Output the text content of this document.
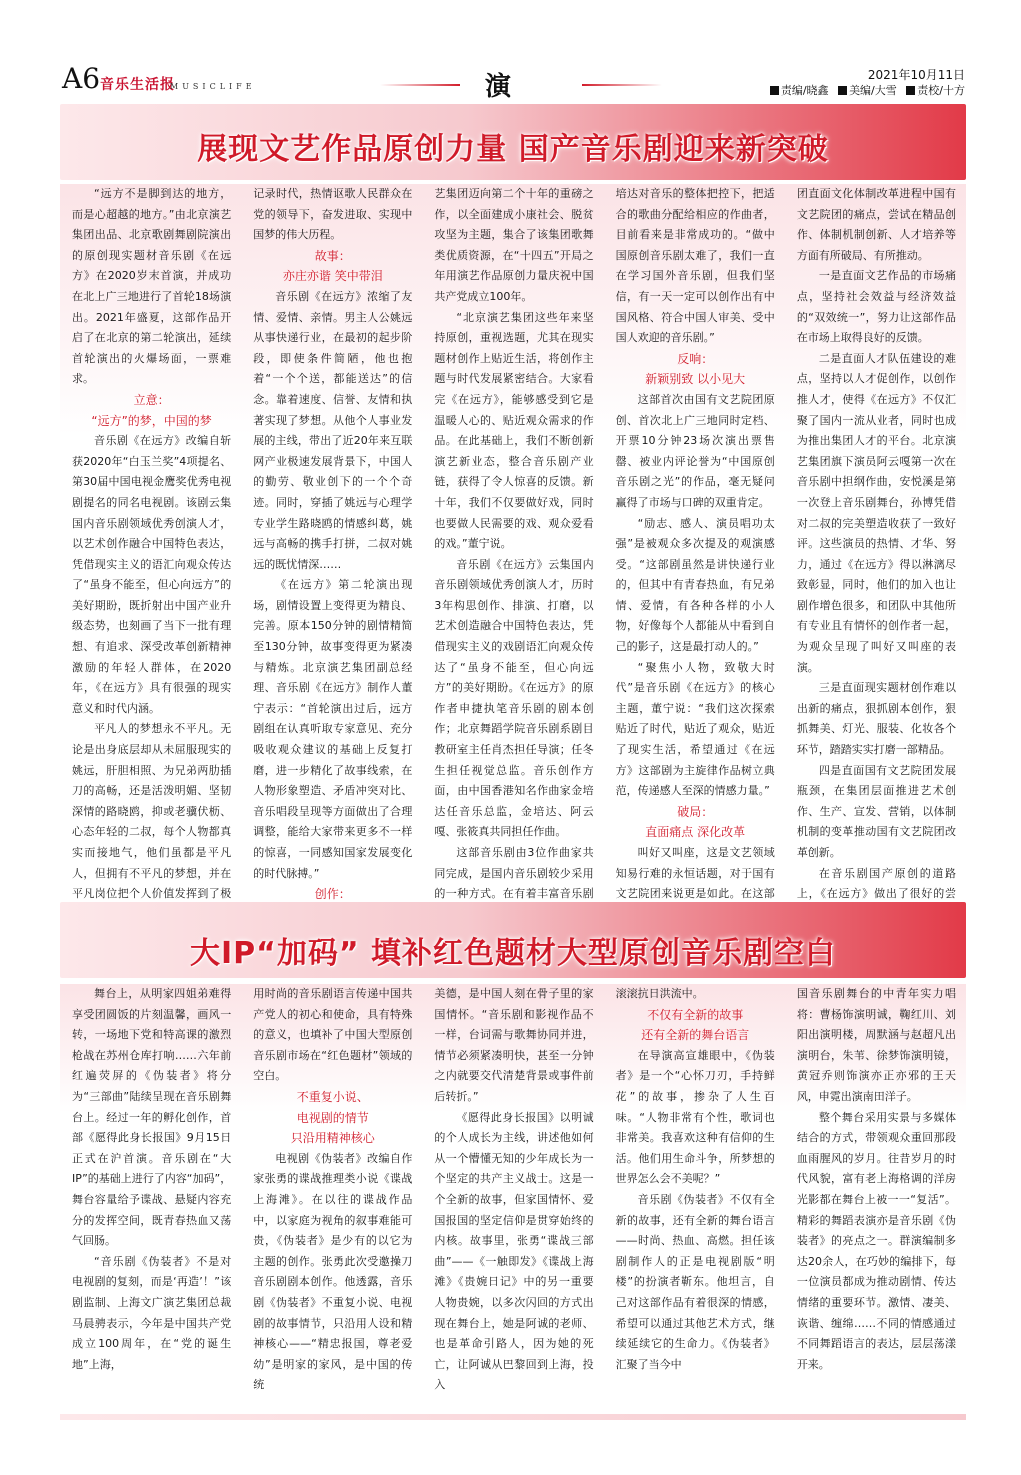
A6 音乐生活报
MUSICLIFE	演	2021年10月11日
责编/晓鑫 美编/大雪 责校/十方
展现文艺作品原创力量 国产音乐剧迎来新突破

“远方不是脚到达的地方，而是心超越的地方。”由北京演艺集团出品、北京歌剧舞剧院演出的原创现实题材音乐剧《在远方》在2020岁末首演，并成功在北上广三地进行了首轮18场演出。2021年盛夏，这部作品开启了在北京的第二轮演出，延续首轮演出的火爆场面，一票难求。

立意：
“远方”的梦，中国的梦

音乐剧《在远方》改编自斩获2020年“白玉兰奖”4项提名、第30届中国电视金鹰奖优秀电视剧提名的同名电视剧。该剧云集国内音乐剧领域优秀创演人才，以艺术创作融合中国特色表达，凭借现实主义的语汇向观众传达了“虽身不能至，但心向远方”的美好期盼，既折射出中国产业升级态势，也刻画了当下一批有理想、有追求、深受改革创新精神激励的年轻人群体，在2020年，《在远方》具有很强的现实意义和时代内涵。

平凡人的梦想永不平凡。无论是出身底层却从未屈服现实的姚远，肝胆相照、为兄弟两肋插刀的高畅，还是活泼明媚、坚韧深情的路晓鸥，抑或老骥伏枥、心态年轻的二叔，每个人物都真实而接地气，他们虽都是平凡人，但拥有不平凡的梦想，并在平凡岗位把个人价值发挥到了极

记录时代，热情讴歌人民群众在党的领导下，奋发进取、实现中国梦的伟大历程。

故事：
亦庄亦谐 笑中带泪

音乐剧《在远方》浓缩了友情、爱情、亲情。男主人公姚远从事快递行业，在最初的起步阶段，即使条件简陋，他也抱着“一个个送，都能送达”的信念。靠着速度、信誉、友情和执著实现了梦想。从他个人事业发展的主线，带出了近20年来互联网产业极速发展背景下，中国人的勤劳、敬业创下的一个个奇迹。同时，穿插了姚远与心理学专业学生路晓鸥的情感纠葛，姚远与高畅的携手打拼，二叔对姚远的既忧情深……

《在远方》第二轮演出现场，剧情设置上变得更为精良、完善。原本150分钟的剧情精简至130分钟，故事变得更为紧凑与精炼。北京演艺集团副总经理、音乐剧《在远方》制作人董宁表示：“首轮演出过后，远方剧组在认真听取专家意见、充分吸收观众建议的基础上反复打磨，进一步精化了故事线索，在人物形象塑造、矛盾冲突对比、音乐唱段呈现等方面做出了合理调整，能给大家带来更多不一样的惊喜，一同感知国家发展变化的时代脉搏。”

创作：

艺集团迈向第二个十年的重磅之作，以全面建成小康社会、脱贫攻坚为主题，集合了该集团歌舞类优质资源，在“十四五”开局之年用演艺作品原创力量庆祝中国共产党成立100年。

“北京演艺集团这些年来坚持原创，重视选题，尤其在现实题材创作上贴近生活，将创作主题与时代发展紧密结合。大家看完《在远方》，能够感受到它是温暖人心的、贴近观众需求的作品。在此基础上，我们不断创新演艺新业态，整合音乐剧产业链，获得了令人惊喜的反馈。新十年，我们不仅要做好戏，同时也要做人民需要的戏、观众爱看的戏。”董宁说。

音乐剧《在远方》云集国内音乐剧领域优秀创演人才，历时3年构思创作、排演、打磨，以艺术创造融合中国特色表达，凭借现实主义的戏剧语汇向观众传达了“虽身不能至，但心向远方”的美好期盼。《在远方》的原作者申捷执笔音乐剧的剧本创作；北京舞蹈学院音乐剧系剧目教研室主任肖杰担任导演；任冬生担任视觉总监。音乐创作方面，由中国香港知名作曲家金培达任音乐总监，金培达、阿云嘎、张筱真共同担任作曲。

这部音乐剧由3位作曲家共同完成，是国内音乐剧较少采用的一种方式。在有着丰富音乐剧

培达对音乐的整体把控下，把适合的歌曲分配给相应的作曲者，目前看来是非常成功的。“做中国原创音乐剧太难了，我们一直在学习国外音乐剧，但我们坚信，有一天一定可以创作出有中国风格、符合中国人审美、受中国人欢迎的音乐剧。”

反响：
新颖别致 以小见大

这部首次由国有文艺院团原创、首次北上广三地同时定档、开票10分钟23场次演出票售罄、被业内评论誉为“中国原创音乐剧之光”的作品，毫无疑问赢得了市场与口碑的双重肯定。

“励志、感人、演员唱功太强”是被观众多次提及的观演感受。“这部剧虽然是讲快递行业的，但其中有青春热血，有兄弟情、爱情，有各种各样的小人物，好像每个人都能从中看到自己的影子，这是最打动人的。”

“聚焦小人物，致敬大时代”是音乐剧《在远方》的核心主题，董宁说：“我们这次探索贴近了时代，贴近了观众，贴近了现实生活，希望通过《在远方》这部剧为主旋律作品树立典范，传递感人至深的情感力量。”

破局：
直面痛点 深化改革

叫好又叫座，这是文艺领域知易行难的永恒话题，对于国有文艺院团来说更是如此。在这部

团直面文化体制改革进程中国有文艺院团的痛点，尝试在精品创作、体制机制创新、人才培养等方面有所破局、有所推动。

一是直面文艺作品的市场痛点，坚持社会效益与经济效益的“双效统一”，努力让这部作品在市场上取得良好的反馈。

二是直面人才队伍建设的难点，坚持以人才促创作，以创作推人才，使得《在远方》不仅汇聚了国内一流从业者，同时也成为推出集团人才的平台。北京演艺集团旗下演员阿云嘎第一次在音乐剧中担纲作曲，安悦溪是第一次登上音乐剧舞台，孙博凭借对二叔的完美塑造收获了一致好评。这些演员的热情、才华、努力，通过《在远方》得以淋漓尽致彰显，同时，他们的加入也让剧作增色很多，和团队中其他所有专业且有情怀的创作者一起，为观众呈现了叫好又叫座的表演。

三是直面现实题材创作难以出新的痛点，狠抓剧本创作，狠抓舞美、灯光、服装、化妆各个环节，踏踏实实打磨一部精品。

四是直面国有文艺院团发展瓶颈，在集团层面推进艺术创作、生产、宣发、营销，以体制机制的变革推动国有文艺院团改革创新。

在音乐剧国产原创的道路上，《在远方》做出了很好的尝

大IP“加码” 填补红色题材大型原创音乐剧空白

舞台上，从明家四姐弟难得享受团圆饭的片刻温馨，画风一转，一场地下党和特高课的激烈枪战在苏州仓库打响……六年前红遍荧屏的《伪装者》将分为“三部曲”陆续呈现在音乐剧舞台上。经过一年的孵化创作，首部《愿得此身长报国》9月15日正式在沪首演。音乐剧在“大IP”的基础上进行了内容“加码”，舞台容量给予谍战、悬疑内容充分的发挥空间，既青春热血又荡气回肠。

“音乐剧《伪装者》不是对电视剧的复刻，而是‘再造’！”该剧监制、上海文广演艺集团总裁马晨骋表示，今年是中国共产党成立100周年，在“党的诞生地”上海，

用时尚的音乐剧语言传递中国共产党人的初心和使命，具有特殊的意义，也填补了中国大型原创音乐剧市场在“红色题材”领域的空白。

不重复小说、
电视剧的情节
只沿用精神核心

电视剧《伪装者》改编自作家张勇的谍战推理类小说《谍战上海滩》。在以往的谍战作品中，以家庭为视角的叙事难能可贵，《伪装者》是少有的以它为主题的创作。张勇此次受邀操刀音乐剧剧本创作。他透露，音乐剧《伪装者》不重复小说、电视剧的故事情节，只沿用人设和精神核心——“精忠报国，尊老爱幼”是明家的家风，是中国的传统

美德，是中国人刻在骨子里的家国情怀。“音乐剧和影视作品不一样，台词需与歌舞协同并进，情节必须紧凑明快，甚至一分钟之内就要交代清楚背景或事件前后转折。”

《愿得此身长报国》以明诚的个人成长为主线，讲述他如何从一个懵懂无知的少年成长为一个坚定的共产主义战士。这是一个全新的故事，但家国情怀、爱国报国的坚定信仰是贯穿始终的内核。故事里，张勇“谍战三部曲”——《一触即发》《谍战上海滩》《贵婉日记》中的另一重要人物贵婉，以多次闪回的方式出现在舞台上，她是阿诚的老师、也是革命引路人，因为她的死亡，让阿诚从巴黎回到上海，投入

滚滚抗日洪流中。

不仅有全新的故事
还有全新的舞台语言

在导演高宣雄眼中，《伪装者》是一个“心怀刀刃，手持鲜花”的故事，掺杂了人生百味。“人物非常有个性，歌词也非常美。我喜欢这种有信仰的生活。他们用生命斗争，所梦想的世界怎么会不美呢？”

音乐剧《伪装者》不仅有全新的故事，还有全新的舞台语言——时尚、热血、高燃。担任该剧制作人的正是电视剧版“明楼”的扮演者靳东。他坦言，自己对这部作品有着很深的情感，希望可以通过其他艺术方式，继续延续它的生命力。《伪装者》汇聚了当今中

国音乐剧舞台的中青年实力唱将：曹杨饰演明诚，鞠红川、刘阳出演明楼，周默涵与赵超凡出演明台，朱苇、徐梦饰演明镜，黄冠乔则饰演亦正亦邪的王天风，申霓出演南田洋子。

整个舞台采用实景与多媒体结合的方式，带领观众重回那段血雨腥风的岁月。往昔岁月的时代风貌，富有老上海格调的洋房光影都在舞台上被一一“复活”。精彩的舞蹈表演亦是音乐剧《伪装者》的亮点之一。群演编制多达20余人，在巧妙的编排下，每一位演员都成为推动剧情、传达情绪的重要环节。激情、凄美、诙谐、缠绵……不同的情感通过不同舞蹈语言的表达，层层荡漾开来。
